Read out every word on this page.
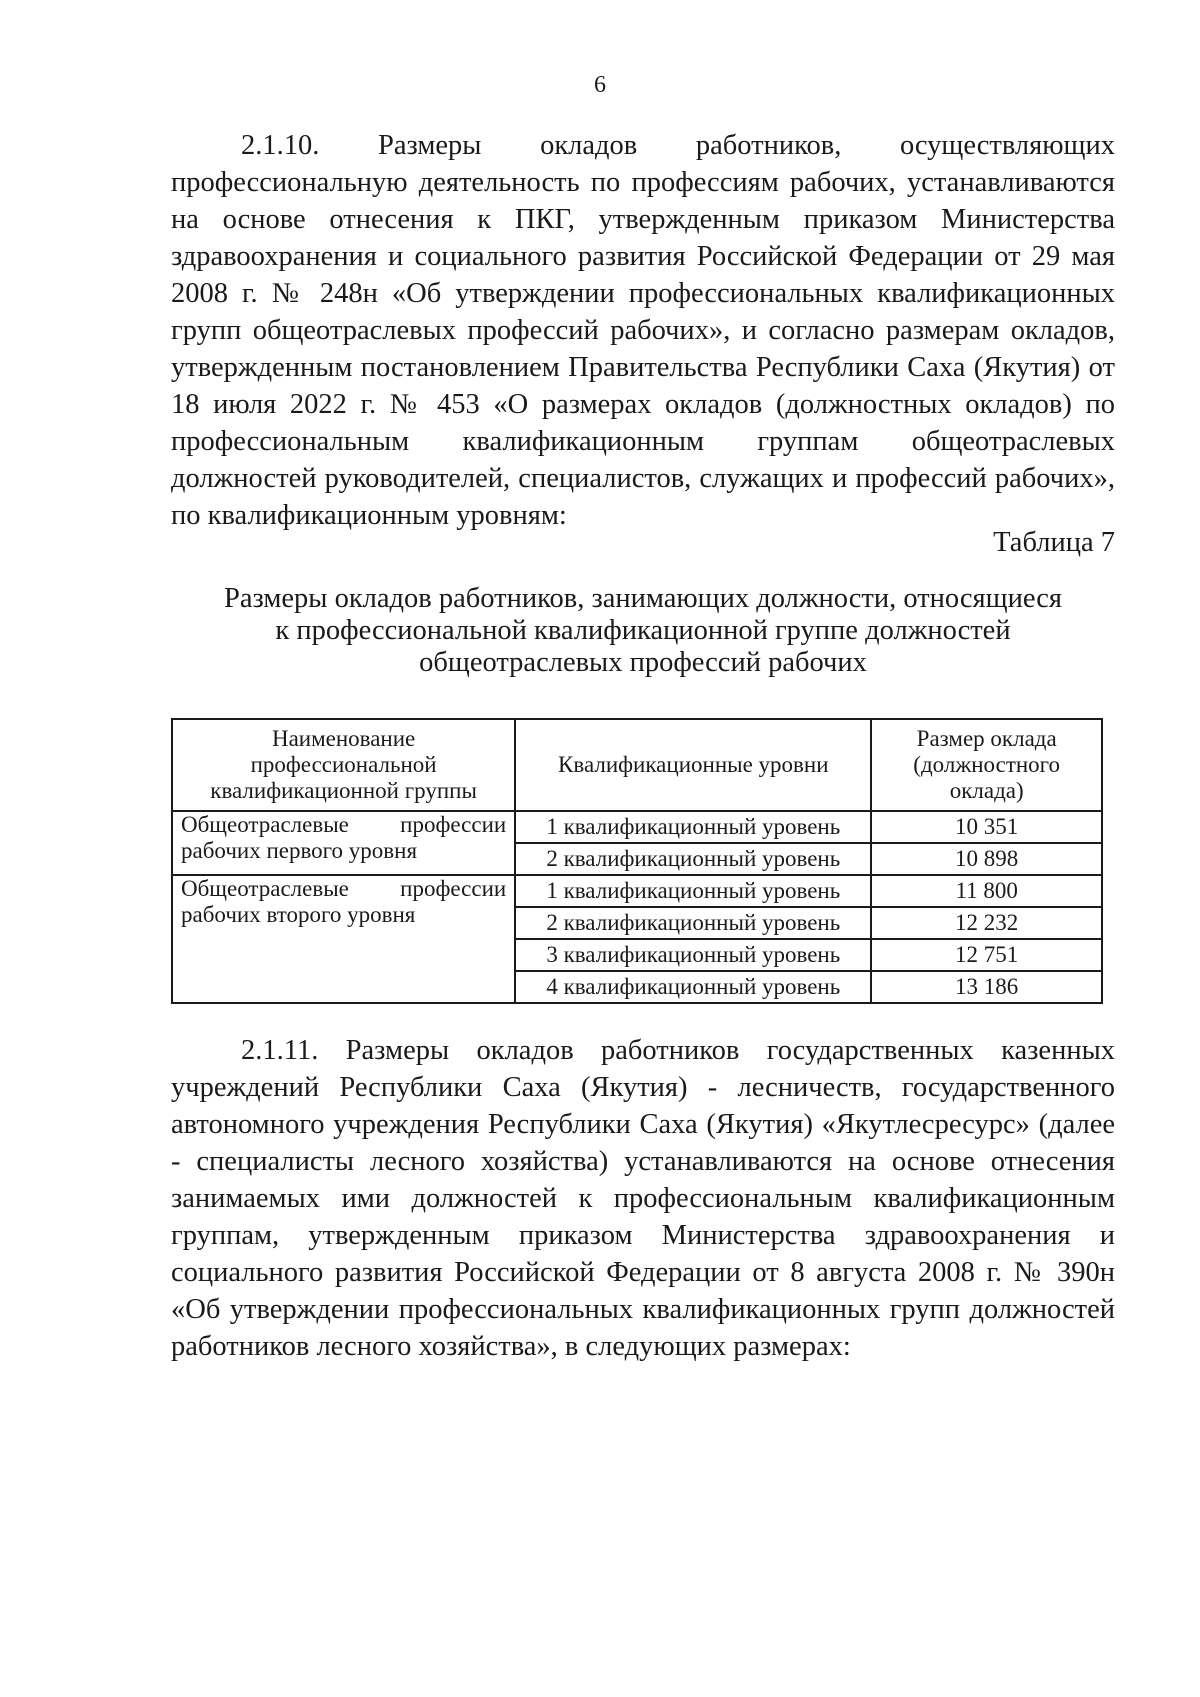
6

2.1.10. Размеры окладов работников, осуществляющих профессиональную деятельность по профессиям рабочих, устанавливаются на основе отнесения к ПКГ, утвержденным приказом Министерства здравоохранения и социального развития Российской Федерации от 29 мая 2008 г. № 248н «Об утверждении профессиональных квалификационных групп общеотраслевых профессий рабочих», и согласно размерам окладов, утвержденным постановлением Правительства Республики Саха (Якутия) от 18 июля 2022 г. № 453 «О размерах окладов (должностных окладов) по профессиональным квалификационным группам общеотраслевых должностей руководителей, специалистов, служащих и профессий рабочих», по квалификационным уровням:

Таблица 7
Размеры окладов работников, занимающих должности, относящиеся
к профессиональной квалификационной группе должностей
общеотраслевых профессий рабочих
Наименование профессиональной квалификационной группы	Квалификационные уровни	Размер оклада (должностного оклада)
Общеотраслевые профессии рабочих первого уровня	1 квалификационный уровень	10 351
	2 квалификационный уровень	10 898
Общеотраслевые профессии рабочих второго уровня	1 квалификационный уровень	11 800
	2 квалификационный уровень	12 232
	3 квалификационный уровень	12 751
	4 квалификационный уровень	13 186

2.1.11. Размеры окладов работников государственных казенных учреждений Республики Саха (Якутия) - лесничеств, государственного автономного учреждения Республики Саха (Якутия) «Якутлесресурс» (далее - специалисты лесного хозяйства) устанавливаются на основе отнесения занимаемых ими должностей к профессиональным квалификационным группам, утвержденным приказом Министерства здравоохранения и социального развития Российской Федерации от 8 августа 2008 г. № 390н «Об утверждении профессиональных квалификационных групп должностей работников лесного хозяйства», в следующих размерах:
